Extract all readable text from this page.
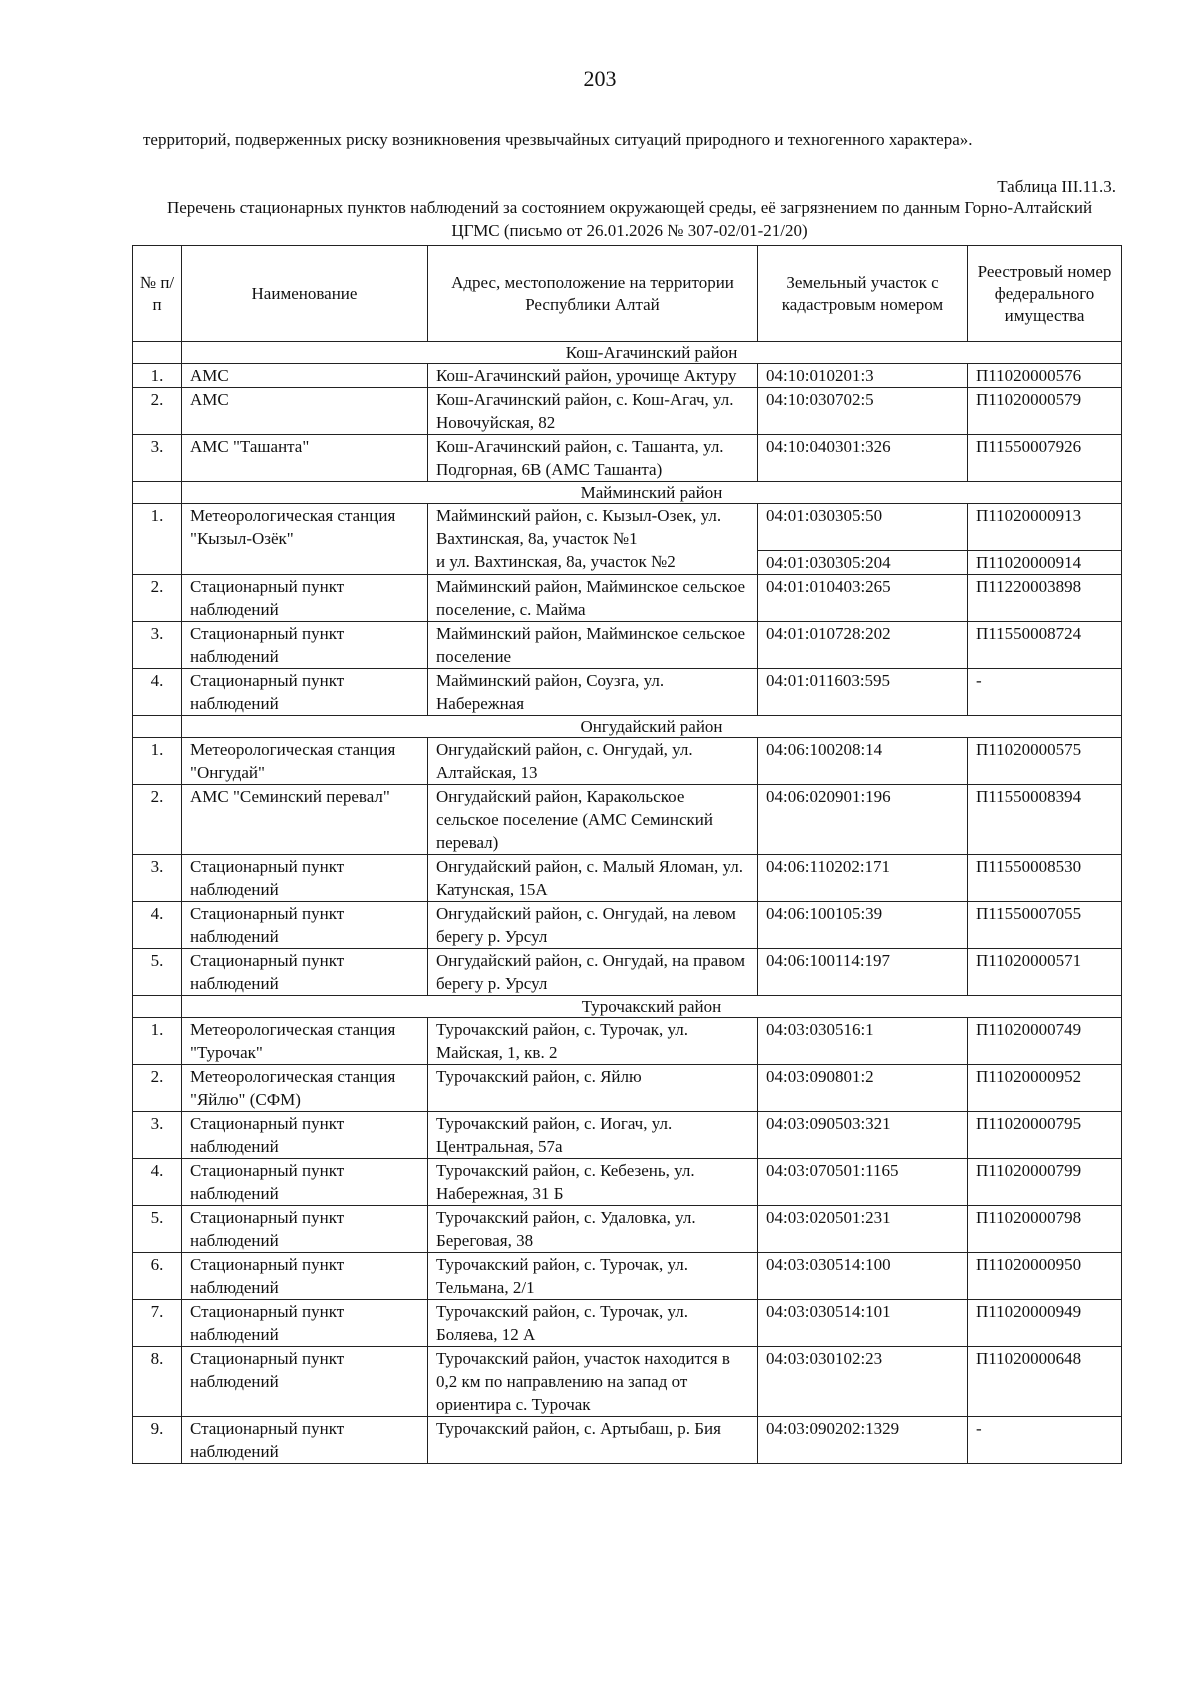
203
территорий, подверженных риску возникновения чрезвычайных ситуаций природного и техногенного характера».
Таблица III.11.3.
Перечень стационарных пунктов наблюдений за состоянием окружающей среды, её загрязнением по данным Горно-Алтайский ЦГМС (письмо от 26.01.2026 № 307-02/01-21/20)
№ п/п	Наименование	Адрес, местоположение на территории Республики Алтай	Земельный участок с кадастровым номером	Реестровый номер федерального имущества
	Кош-Агачинский район			
1.	АМС	Кош-Агачинский район, урочище Актуру	04:10:010201:3	П11020000576
2.	АМС	Кош-Агачинский район, с. Кош-Агач, ул. Новочуйская, 82	04:10:030702:5	П11020000579
3.	АМС "Ташанта"	Кош-Агачинский район, с. Ташанта, ул. Подгорная, 6В (АМС Ташанта)	04:10:040301:326	П11550007926
	Майминский район			
1.	Метеорологическая станция "Кызыл-Озёк"	Майминский район, с. Кызыл-Озек, ул. Вахтинская, 8а, участок №1	04:01:030305:50	П11020000913
		и ул. Вахтинская, 8а, участок №2	04:01:030305:204	П11020000914
2.	Стационарный пункт наблюдений	Майминский район, Майминское сельское поселение, с. Майма	04:01:010403:265	П11220003898
3.	Стационарный пункт наблюдений	Майминский район, Майминское сельское поселение	04:01:010728:202	П11550008724
4.	Стационарный пункт наблюдений	Майминский район, Соузга, ул. Набережная	04:01:011603:595	-
	Онгудайский район			
1.	Метеорологическая станция "Онгудай"	Онгудайский район, с. Онгудай, ул. Алтайская, 13	04:06:100208:14	П11020000575
2.	АМС "Семинский перевал"	Онгудайский район, Каракольское сельское поселение (АМС Семинский перевал)	04:06:020901:196	П11550008394
3.	Стационарный пункт наблюдений	Онгудайский район, с. Малый Яломан, ул. Катунская, 15А	04:06:110202:171	П11550008530
4.	Стационарный пункт наблюдений	Онгудайский район, с. Онгудай, на левом берегу р. Урсул	04:06:100105:39	П11550007055
5.	Стационарный пункт наблюдений	Онгудайский район, с. Онгудай, на правом берегу р. Урсул	04:06:100114:197	П11020000571
	Турочакский район			
1.	Метеорологическая станция "Турочак"	Турочакский район, с. Турочак, ул. Майская, 1, кв. 2	04:03:030516:1	П11020000749
2.	Метеорологическая станция "Яйлю" (СФМ)	Турочакский район, с. Яйлю	04:03:090801:2	П11020000952
3.	Стационарный пункт наблюдений	Турочакский район, с. Иогач, ул. Центральная, 57а	04:03:090503:321	П11020000795
4.	Стационарный пункт наблюдений	Турочакский район, с. Кебезень, ул. Набережная, 31 Б	04:03:070501:1165	П11020000799
5.	Стационарный пункт наблюдений	Турочакский район, с. Удаловка, ул. Береговая, 38	04:03:020501:231	П11020000798
6.	Стационарный пункт наблюдений	Турочакский район, с. Турочак, ул. Тельмана, 2/1	04:03:030514:100	П11020000950
7.	Стационарный пункт наблюдений	Турочакский район, с. Турочак, ул. Боляева, 12 А	04:03:030514:101	П11020000949
8.	Стационарный пункт наблюдений	Турочакский район, участок находится в 0,2 км по направлению на запад от ориентира с. Турочак	04:03:030102:23	П11020000648
9.	Стационарный пункт наблюдений	Турочакский район, с. Артыбаш, р. Бия	04:03:090202:1329	-
